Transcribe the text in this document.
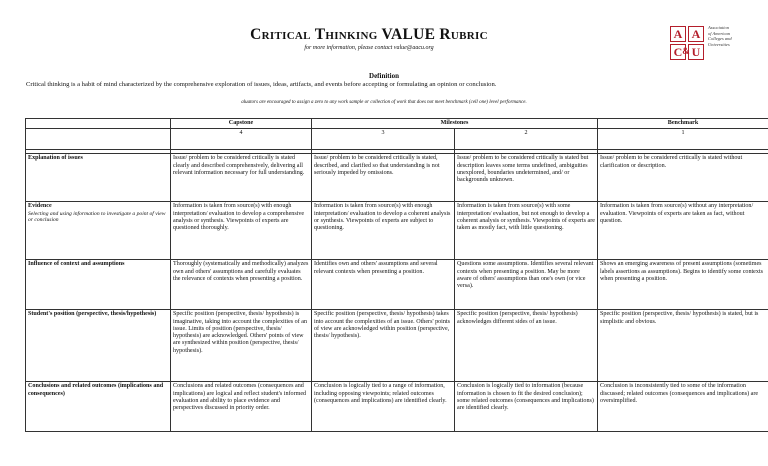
Critical Thinking VALUE Rubric
for more information, please contact value@aacu.org
A A
C & U
Association
of American
Colleges and
Universities
Definition
Critical thinking is a habit of mind characterized by the comprehensive exploration of issues, ideas, artifacts, and events before accepting or formulating an opinion or conclusion.
aluators are encouraged to assign a zero to any work sample or collection of work that does not meet benchmark (cell one) level performance.
	Capstone	Milestones		Benchmark
	4	3	2	1

Explanation of issues	Issue/ problem to be considered critically is stated clearly and described comprehensively, delivering all relevant information necessary for full understanding.	Issue/ problem to be considered critically is stated, described, and clarified so that understanding is not seriously impeded by omissions.	Issue/ problem to be considered critically is stated but description leaves some terms undefined, ambiguities unexplored, boundaries undetermined, and/ or backgrounds unknown.	Issue/ problem to be considered critically is stated without clarification or description.

Evidence
Selecting and using information to investigate a point of view or conclusion	Information is taken from source(s) with enough interpretation/ evaluation to develop a comprehensive analysis or synthesis. Viewpoints of experts are questioned thoroughly.	Information is taken from source(s) with enough interpretation/ evaluation to develop a coherent analysis or synthesis. Viewpoints of experts are subject to questioning.	Information is taken from source(s) with some interpretation/ evaluation, but not enough to develop a coherent analysis or synthesis. Viewpoints of experts are taken as mostly fact, with little questioning.	Information is taken from source(s) without any interpretation/ evaluation. Viewpoints of experts are taken as fact, without question.

Influence of context and assumptions	Thoroughly (systematically and methodically) analyzes own and others' assumptions and carefully evaluates the relevance of contexts when presenting a position.	Identifies own and others' assumptions and several relevant contexts when presenting a position.	Questions some assumptions. Identifies several relevant contexts when presenting a position. May be more aware of others' assumptions than one's own (or vice versa).	Shows an emerging awareness of present assumptions (sometimes labels assertions as assumptions). Begins to identify some contexts when presenting a position.

Student's position (perspective, thesis/hypothesis)	Specific position (perspective, thesis/ hypothesis) is imaginative, taking into account the complexities of an issue. Limits of position (perspective, thesis/ hypothesis) are acknowledged. Others' points of view are synthesized within position (perspective, thesis/ hypothesis).	Specific position (perspective, thesis/ hypothesis) takes into account the complexities of an issue. Others' points of view are acknowledged within position (perspective, thesis/ hypothesis).	Specific position (perspective, thesis/ hypothesis) acknowledges different sides of an issue.	Specific position (perspective, thesis/ hypothesis) is stated, but is simplistic and obvious.

Conclusions and related outcomes (implications and consequences)	Conclusions and related outcomes (consequences and implications) are logical and reflect student's informed evaluation and ability to place evidence and perspectives discussed in priority order.	Conclusion is logically tied to a range of information, including opposing viewpoints; related outcomes (consequences and implications) are identified clearly.	Conclusion is logically tied to information (because information is chosen to fit the desired conclusion); some related outcomes (consequences and implications) are identified clearly.	Conclusion is inconsistently tied to some of the information discussed; related outcomes (consequences and implications) are oversimplified.
